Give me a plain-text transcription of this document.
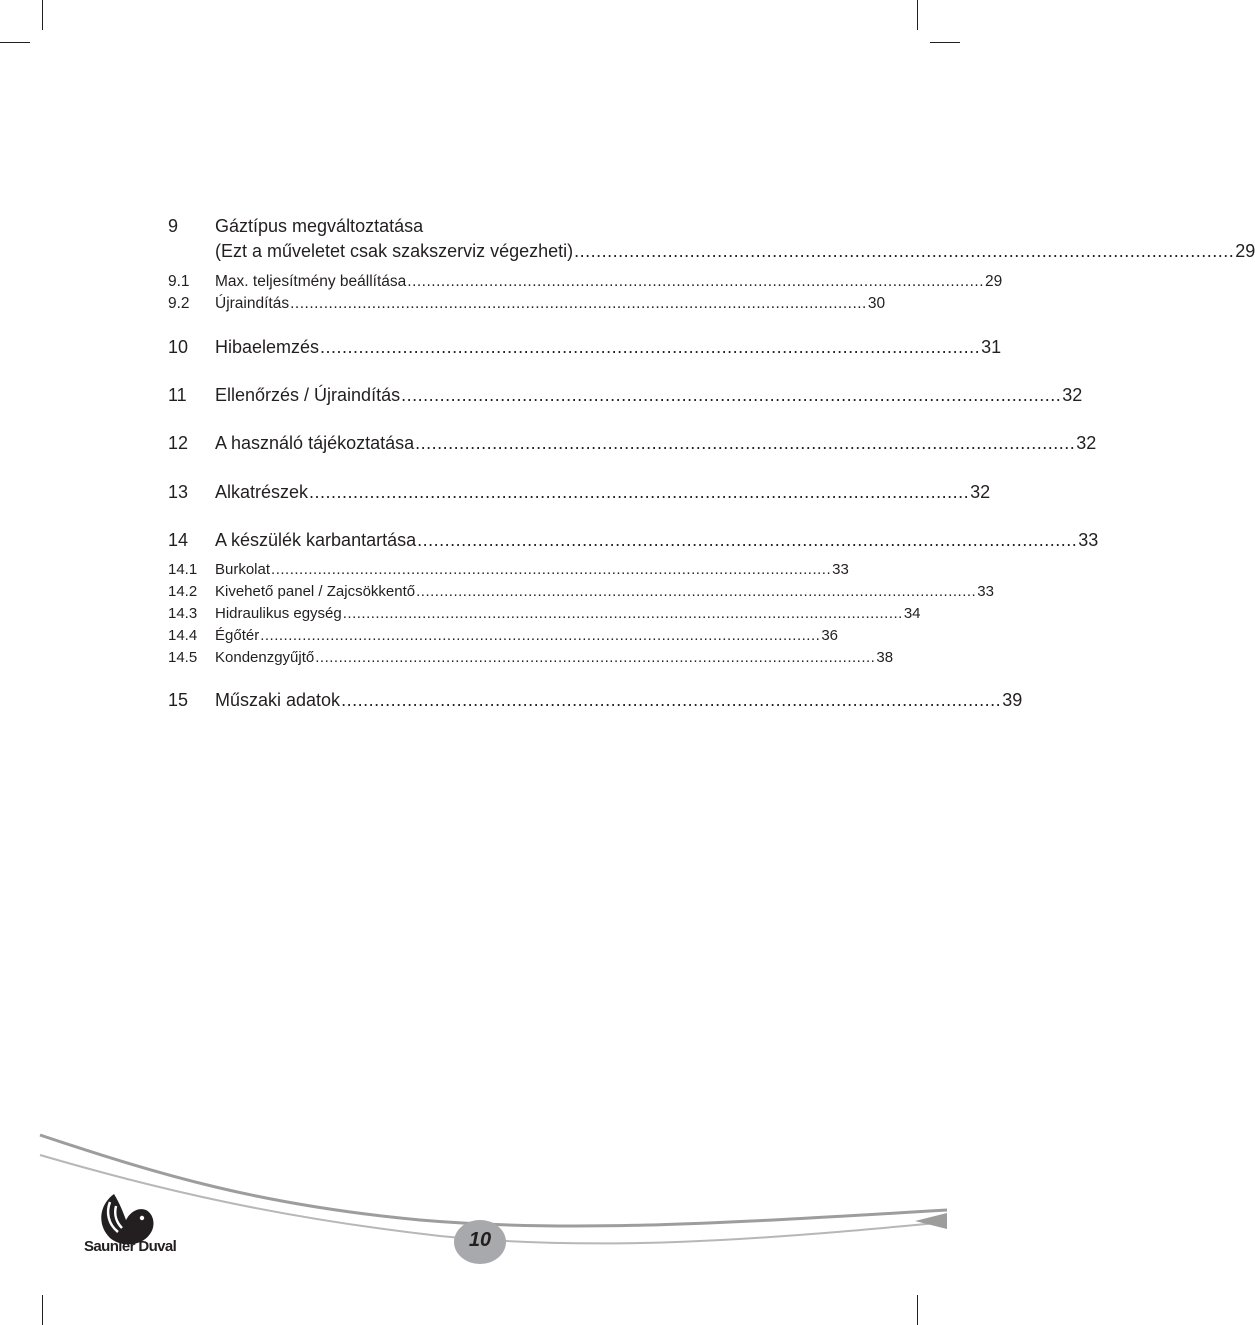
9	Gáztípus megváltoztatása
(Ezt a műveletet csak szakszerviz végezheti) ........................................................................................................................ 29
9.1	Max. teljesítmény beállítása ........................................................................................................................ 29
9.2	Újraindítás ........................................................................................................................ 30
10	Hibaelemzés ........................................................................................................................ 31
11	Ellenőrzés / Újraindítás ........................................................................................................................ 32
12	A használó tájékoztatása ........................................................................................................................ 32
13	Alkatrészek ........................................................................................................................ 32
14	A készülék karbantartása ........................................................................................................................ 33
14.1	Burkolat ........................................................................................................................ 33
14.2	Kivehető panel / Zajcsökkentő ........................................................................................................................ 33
14.3	Hidraulikus egység ........................................................................................................................ 34
14.4	Égőtér ........................................................................................................................ 36
14.5	Kondenzgyűjtő ........................................................................................................................ 38
15	Műszaki adatok ........................................................................................................................ 39
Saunier Duval	10
